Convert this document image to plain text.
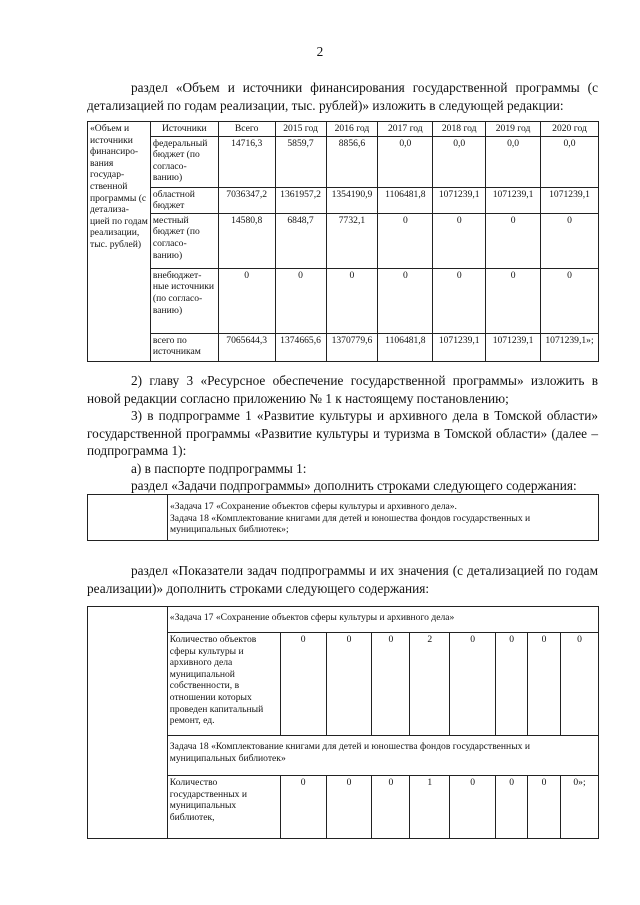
2
раздел «Объем и источники финансирования государственной программы (с детализацией по годам реализации, тыс. рублей)» изложить в следующей редакции:
«Объем и источники финансиро-вания государ-ственной программы (с детализа-цией по годам реализации, тыс. рублей)	Источники	Всего	2015 год	2016 год	2017 год	2018 год	2019 год	2020 год
	федеральный бюджет (по согласо-ванию)	14716,3	5859,7	8856,6	0,0	0,0	0,0	0,0
	областной бюджет	7036347,2	1361957,2	1354190,9	1106481,8	1071239,1	1071239,1	1071239,1
	местный бюджет (по согласо-ванию)	14580,8	6848,7	7732,1	0	0	0	0
	внебюджет-ные источники (по согласо-ванию)	0	0	0	0	0	0	0
	всего по источникам	7065644,3	1374665,6	1370779,6	1106481,8	1071239,1	1071239,1	1071239,1»;
2) главу 3 «Ресурсное обеспечение государственной программы» изложить в новой редакции согласно приложению № 1 к настоящему постановлению;
3) в подпрограмме 1 «Развитие культуры и архивного дела в Томской области» государственной программы «Развитие культуры и туризма в Томской области» (далее – подпрограмма 1):
а) в паспорте подпрограммы 1:
раздел «Задачи подпрограммы» дополнить строками следующего содержания:

«Задача 17 «Сохранение объектов сферы культуры и архивного дела».
Задача 18 «Комплектование книгами для детей и юношества фондов государственных и муниципальных библиотек»;
раздел «Показатели задач подпрограммы и их значения (с детализацией по годам реализации)» дополнить строками следующего содержания:
	«Задача 17 «Сохранение объектов сферы культуры и архивного дела»								
	Количество объектов сферы культуры и архивного дела муниципальной собственности, в отношении которых проведен капитальный ремонт, ед.	0	0	0	2	0	0	0	0
	Задача 18 «Комплектование книгами для детей и юношества фондов государственных и муниципальных библиотек»								
	Количество государственных и муниципальных библиотек,	0	0	0	1	0	0	0	0»;
